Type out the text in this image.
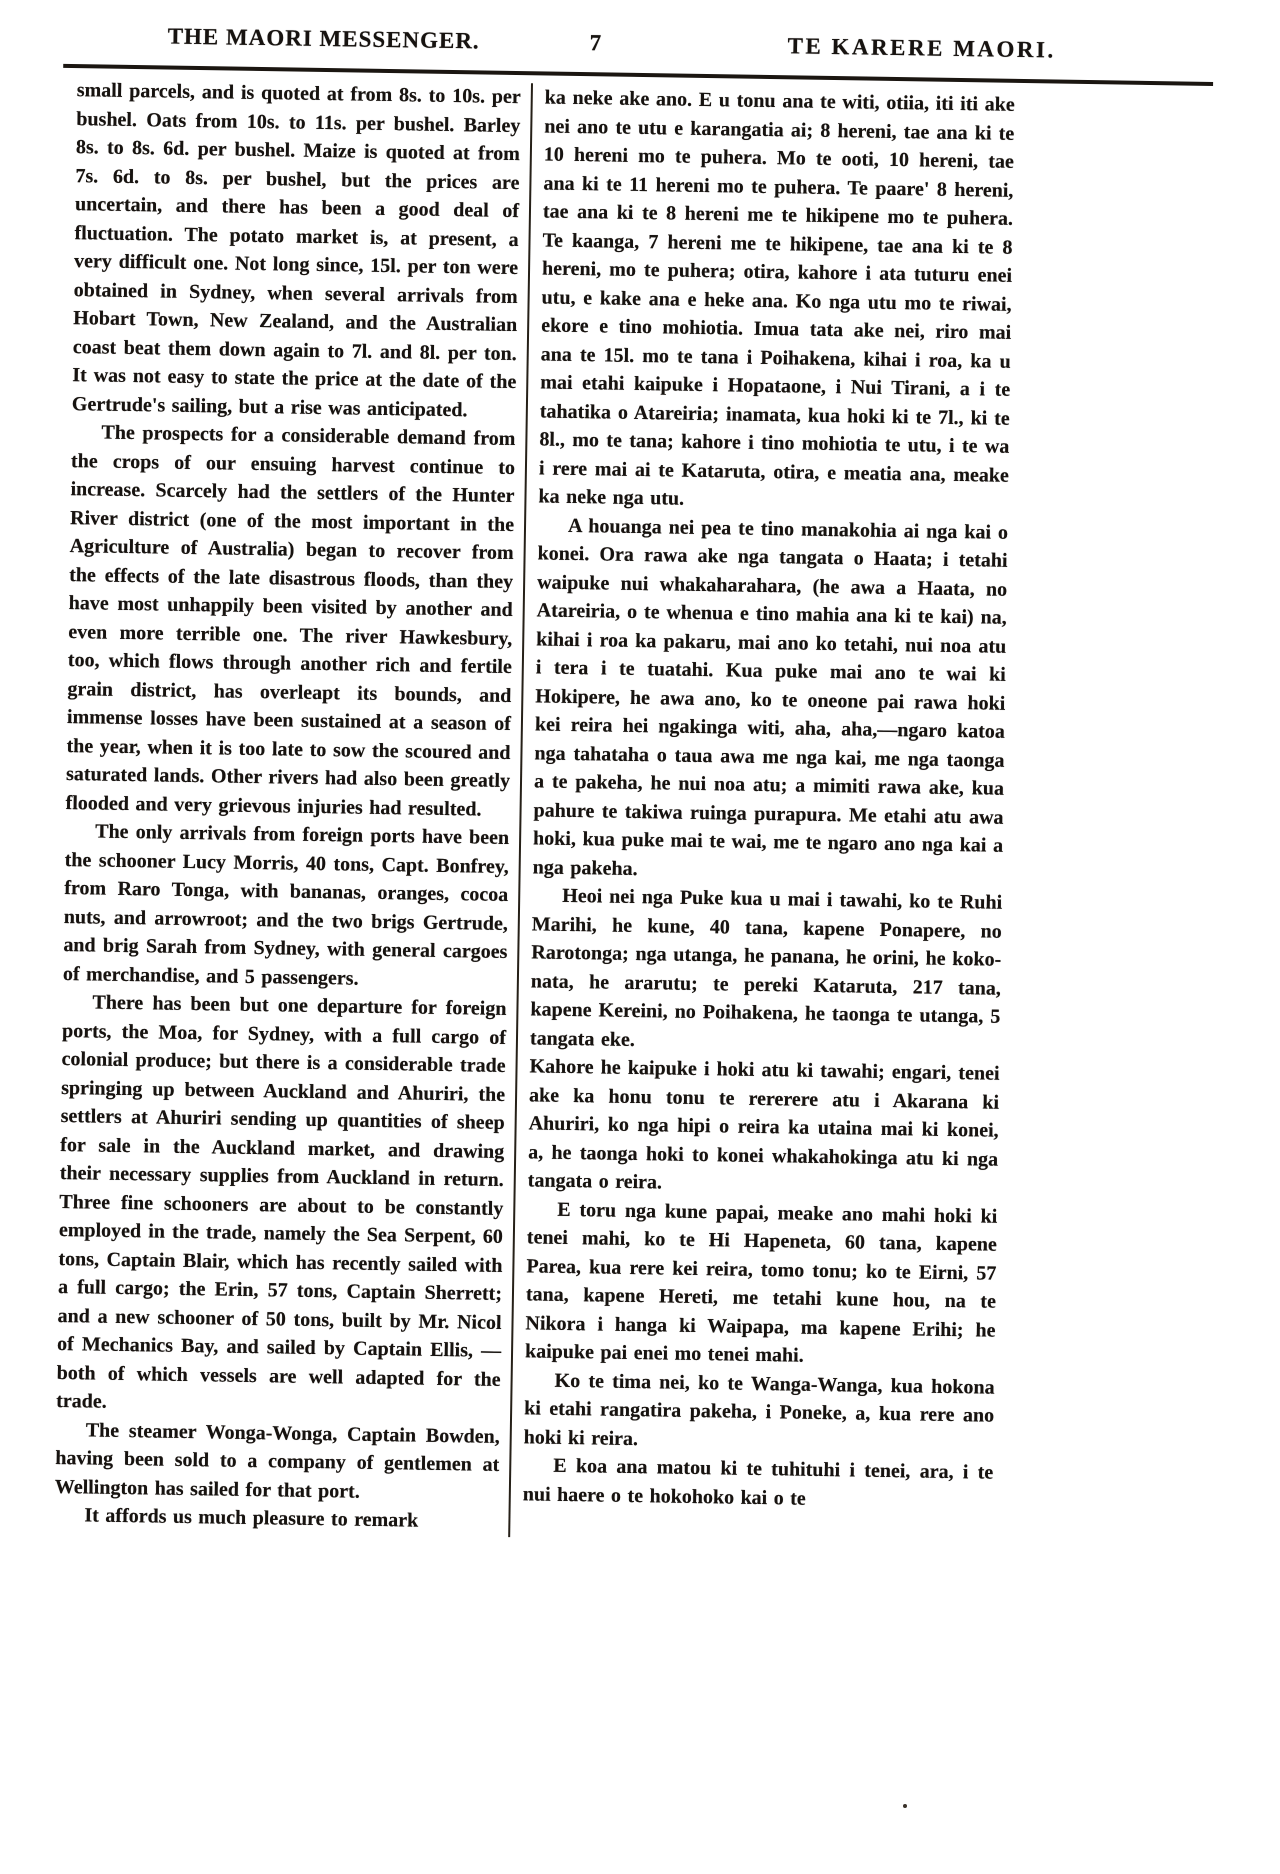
THE MAORI MESSENGER.	7	TE KARERE MAORI.

small parcels, and is quoted at from 8s. to 10s. per bushel. Oats from 10s. to 11s. per bushel. Barley 8s. to 8s. 6d. per bushel. Maize is quoted at from 7s. 6d. to 8s. per bushel, but the prices are uncertain, and there has been a good deal of fluctuation. The potato market is, at present, a very difficult one. Not long since, 15l. per ton were obtained in Sydney, when several arrivals from Hobart Town, New Zealand, and the Australian coast beat them down again to 7l. and 8l. per ton. It was not easy to state the price at the date of the Gertrude's sailing, but a rise was anticipated.

The prospects for a considerable demand from the crops of our ensuing harvest continue to increase. Scarcely had the settlers of the Hunter River district (one of the most important in the Agriculture of Australia) began to recover from the effects of the late disastrous floods, than they have most unhappily been visited by another and even more terrible one. The river Hawkesbury, too, which flows through another rich and fertile grain district, has overleapt its bounds, and immense losses have been sustained at a season of the year, when it is too late to sow the scoured and saturated lands. Other rivers had also been greatly flooded and very grievous injuries had resulted.

The only arrivals from foreign ports have been the schooner Lucy Morris, 40 tons, Capt. Bonfrey, from Raro Tonga, with bananas, oranges, cocoa nuts, and arrowroot; and the two brigs Gertrude, and brig Sarah from Sydney, with general cargoes of merchandise, and 5 passengers.

There has been but one departure for foreign ports, the Moa, for Sydney, with a full cargo of colonial produce; but there is a considerable trade springing up between Auckland and Ahuriri, the settlers at Ahuriri sending up quantities of sheep for sale in the Auckland market, and drawing their necessary supplies from Auckland in return. Three fine schooners are about to be constantly employed in the trade, namely the Sea Serpent, 60 tons, Captain Blair, which has recently sailed with a full cargo; the Erin, 57 tons, Captain Sherrett; and a new schooner of 50 tons, built by Mr. Nicol of Mechanics Bay, and sailed by Captain Ellis, —both of which vessels are well adapted for the trade.

The steamer Wonga-Wonga, Captain Bowden, having been sold to a company of gentlemen at Wellington has sailed for that port.

It affords us much pleasure to remark

ka neke ake ano. E u tonu ana te witi, otiia, iti iti ake nei ano te utu e karangatia ai; 8 hereni, tae ana ki te 10 hereni mo te puhera. Mo te ooti, 10 hereni, tae ana ki te 11 hereni mo te puhera. Te paare' 8 hereni, tae ana ki te 8 hereni me te hikipene mo te puhera. Te kaanga, 7 hereni me te hikipene, tae ana ki te 8 hereni, mo te puhera; otira, kahore i ata tuturu enei utu, e kake ana e heke ana. Ko nga utu mo te riwai, ekore e tino mohiotia. Imua tata ake nei, riro mai ana te 15l. mo te tana i Poihakena, kihai i roa, ka u mai etahi kaipuke i Hopataone, i Nui Tirani, a i te tahatika o Atareiria; inamata, kua hoki ki te 7l., ki te 8l., mo te tana; kahore i tino mohiotia te utu, i te wa i rere mai ai te Kataruta, otira, e meatia ana, meake ka neke nga utu.

A houanga nei pea te tino manakohia ai nga kai o konei. Ora rawa ake nga tangata o Haata; i tetahi waipuke nui whakaharahara, (he awa a Haata, no Atareiria, o te whenua e tino mahia ana ki te kai) na, kihai i roa ka pakaru, mai ano ko tetahi, nui noa atu i tera i te tuatahi. Kua puke mai ano te wai ki Hokipere, he awa ano, ko te oneone pai rawa hoki kei reira hei ngakinga witi, aha, aha,—ngaro katoa nga tahataha o taua awa me nga kai, me nga taonga a te pakeha, he nui noa atu; a mimiti rawa ake, kua pahure te takiwa ruinga purapura. Me etahi atu awa hoki, kua puke mai te wai, me te ngaro ano nga kai a nga pakeha.

Heoi nei nga Puke kua u mai i tawahi, ko te Ruhi Marihi, he kune, 40 tana, kapene Ponapere, no Rarotonga; nga utanga, he panana, he orini, he koko-nata, he ararutu; te pereki Kataruta, 217 tana, kapene Kereini, no Poihakena, he taonga te utanga, 5 tangata eke.

Kahore he kaipuke i hoki atu ki tawahi; engari, tenei ake ka honu tonu te rererere atu i Akarana ki Ahuriri, ko nga hipi o reira ka utaina mai ki konei, a, he taonga hoki to konei whakahokinga atu ki nga tangata o reira.

E toru nga kune papai, meake ano mahi hoki ki tenei mahi, ko te Hi Hapeneta, 60 tana, kapene Parea, kua rere kei reira, tomo tonu; ko te Eirni, 57 tana, kapene Hereti, me tetahi kune hou, na te Nikora i hanga ki Waipapa, ma kapene Erihi; he kaipuke pai enei mo tenei mahi.

Ko te tima nei, ko te Wanga-Wanga, kua hokona ki etahi rangatira pakeha, i Poneke, a, kua rere ano hoki ki reira.

E koa ana matou ki te tuhituhi i tenei, ara, i te nui haere o te hokohoko kai o te
